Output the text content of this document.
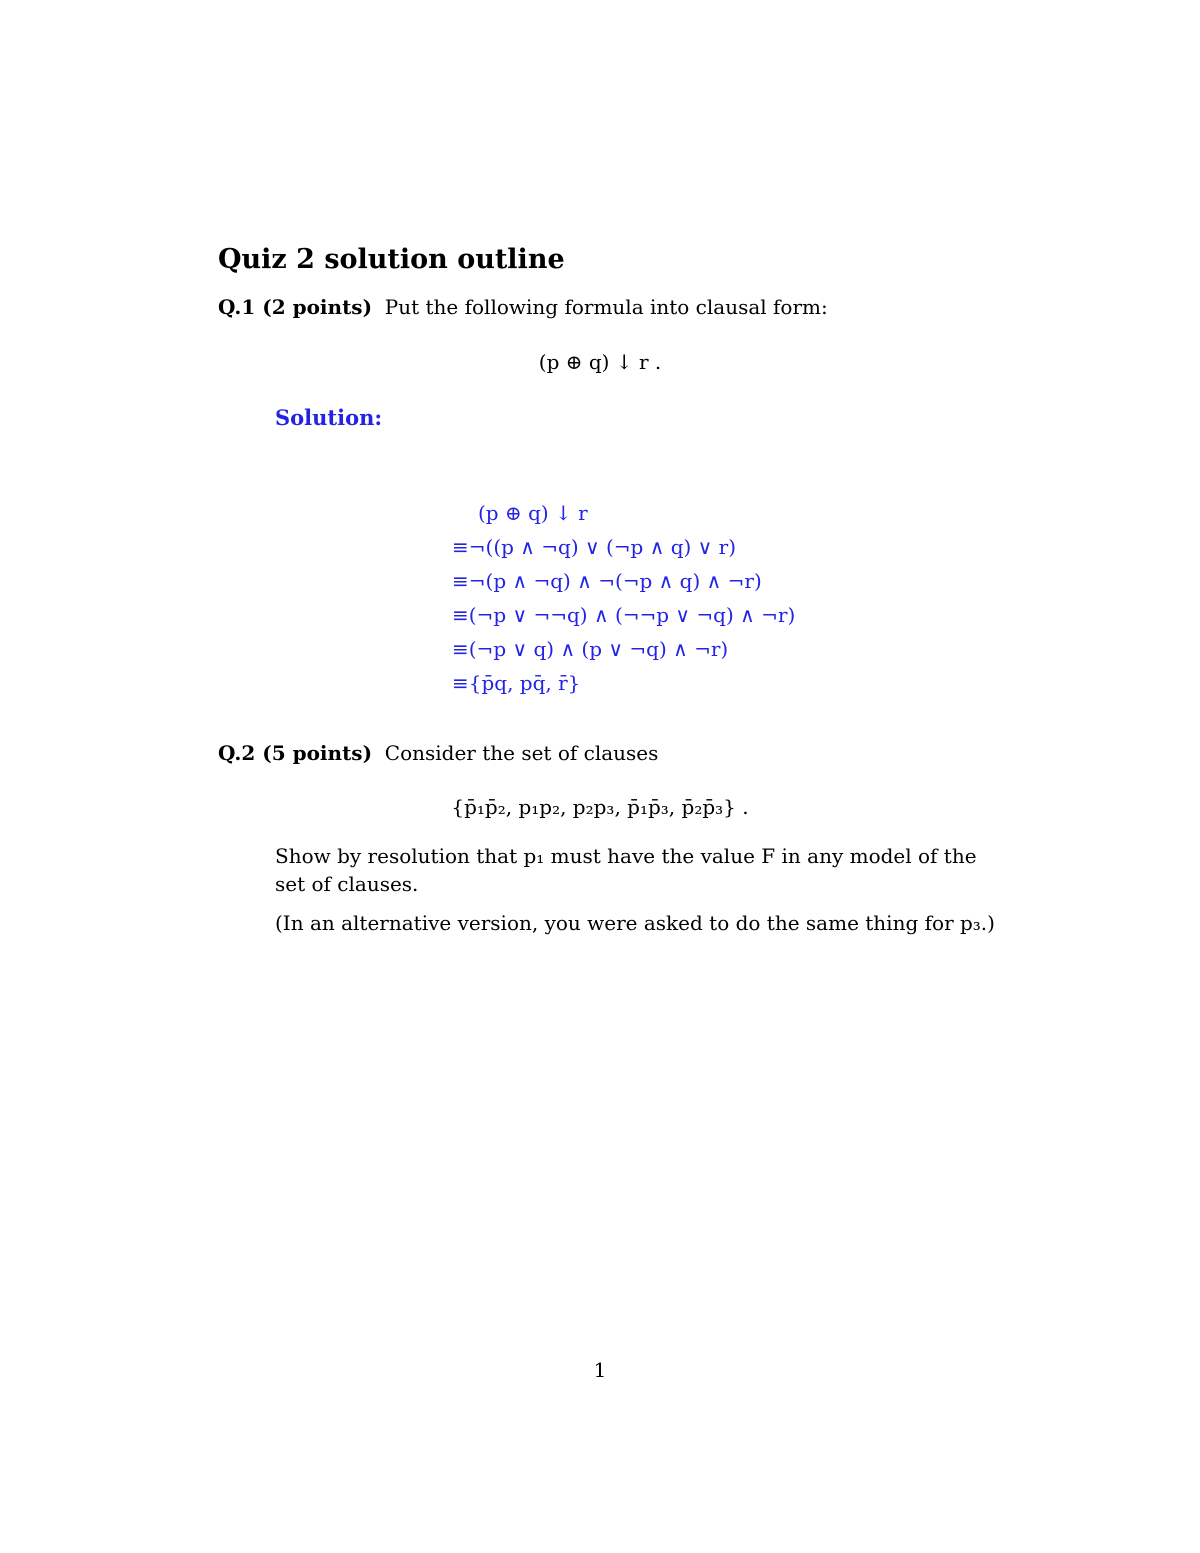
Quiz 2 solution outline
Q.1 (2 points) Put the following formula into clausal form:
(p ⊕ q) ↓ r .
Solution:
(p ⊕ q) ↓ r
≡¬((p ∧ ¬q) ∨ (¬p ∧ q) ∨ r)
≡¬(p ∧ ¬q) ∧ ¬(¬p ∧ q) ∧ ¬r)
≡(¬p ∨ ¬¬q) ∧ (¬¬p ∨ ¬q) ∧ ¬r)
≡(¬p ∨ q) ∧ (p ∨ ¬q) ∧ ¬r)
≡{p̄q, pq̄, r̄}
Q.2 (5 points) Consider the set of clauses
{p̄₁p̄₂, p₁p₂, p₂p₃, p̄₁p̄₃, p̄₂p̄₃} .
Show by resolution that p₁ must have the value F in any model of the set of clauses.
(In an alternative version, you were asked to do the same thing for p₃.)
1
